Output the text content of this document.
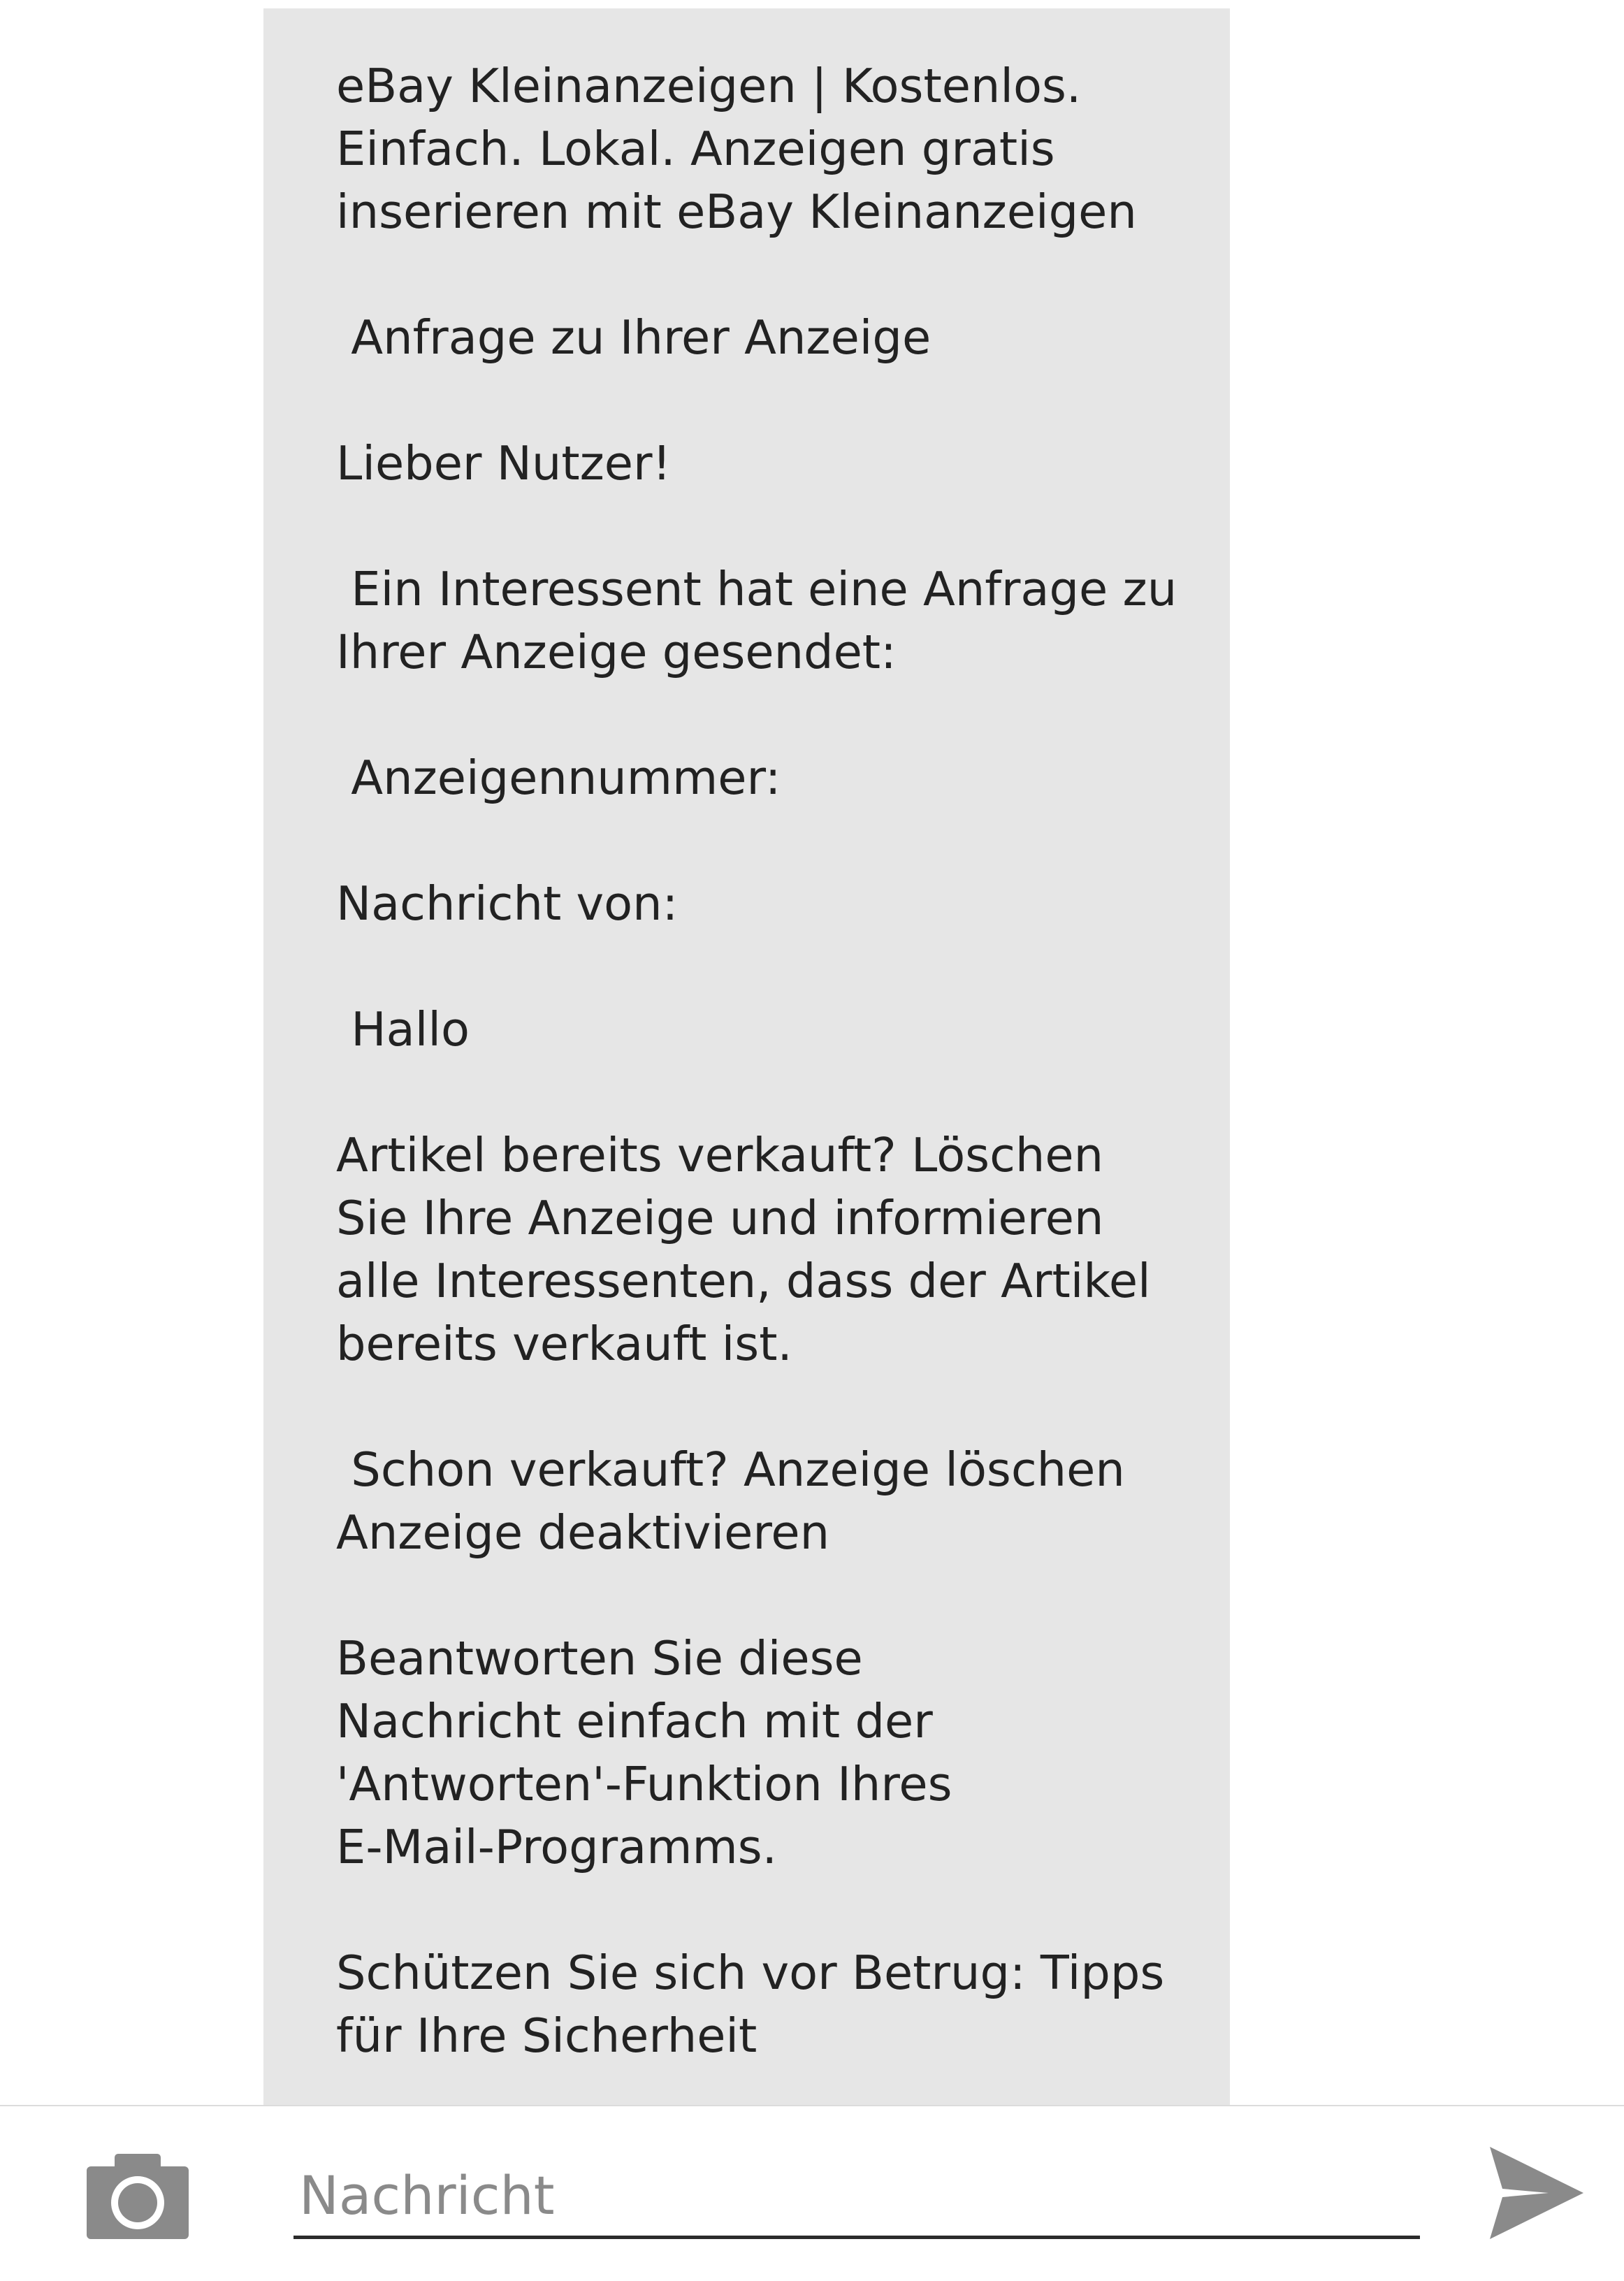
eBay Kleinanzeigen | Kostenlos.
Einfach. Lokal. Anzeigen gratis
inserieren mit eBay Kleinanzeigen

Anfrage zu Ihrer Anzeige

Lieber Nutzer!

Ein Interessent hat eine Anfrage zu
Ihrer Anzeige gesendet:

Anzeigennummer:

Nachricht von:

Hallo

Artikel bereits verkauft? Löschen
Sie Ihre Anzeige und informieren
alle Interessenten, dass der Artikel
bereits verkauft ist.

Schon verkauft? Anzeige löschen
Anzeige deaktivieren

Beantworten Sie diese
Nachricht einfach mit der
'Antworten'-Funktion Ihres
E-Mail-Programms.

Schützen Sie sich vor Betrug: Tipps
für Ihre Sicherheit

Nachricht
